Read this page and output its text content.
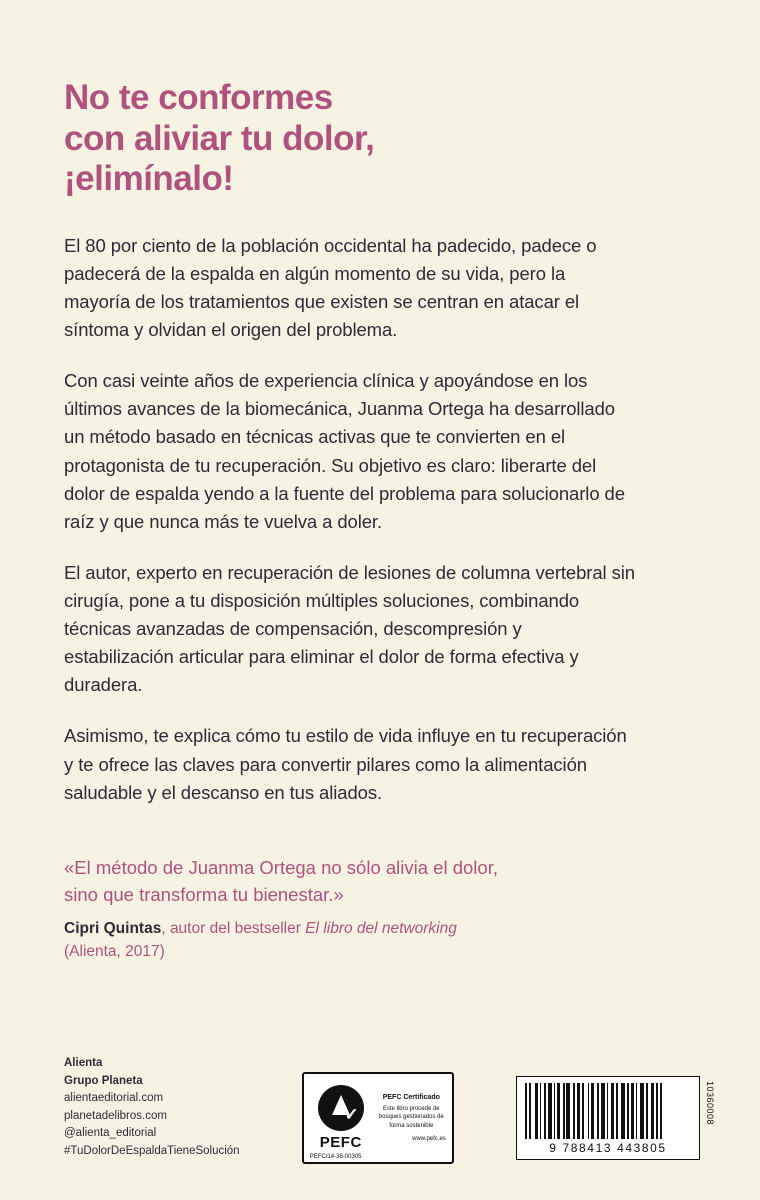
No te conformes
con aliviar tu dolor,
¡elimínalo!

El 80 por ciento de la población occidental ha padecido, padece o padecerá de la espalda en algún momento de su vida, pero la mayoría de los tratamientos que existen se centran en atacar el síntoma y olvidan el origen del problema.

Con casi veinte años de experiencia clínica y apoyándose en los últimos avances de la biomecánica, Juanma Ortega ha desarrollado un método basado en técnicas activas que te convierten en el protagonista de tu recuperación. Su objetivo es claro: liberarte del dolor de espalda yendo a la fuente del problema para solucionarlo de raíz y que nunca más te vuelva a doler.

El autor, experto en recuperación de lesiones de columna vertebral sin cirugía, pone a tu disposición múltiples soluciones, combinando técnicas avanzadas de compensación, descompresión y estabilización articular para eliminar el dolor de forma efectiva y duradera.

Asimismo, te explica cómo tu estilo de vida influye en tu recuperación y te ofrece las claves para convertir pilares como la alimentación saludable y el descanso en tus aliados.

«El método de Juanma Ortega no sólo alivia el dolor,
sino que transforma tu bienestar.»

Cipri Quintas, autor del bestseller El libro del networking

(Alienta, 2017)

Alienta
Grupo Planeta
alientaeditorial.com
planetadelibros.com
@alienta_editorial
#TuDolorDeEspaldaTieneSolución
✓
PEFC
PEFC Certificado
Este libro procede de bosques gestionados de forma sostenible
www.pefc.es
PEFC/14-38-00305
9 788413 443805
10360008
